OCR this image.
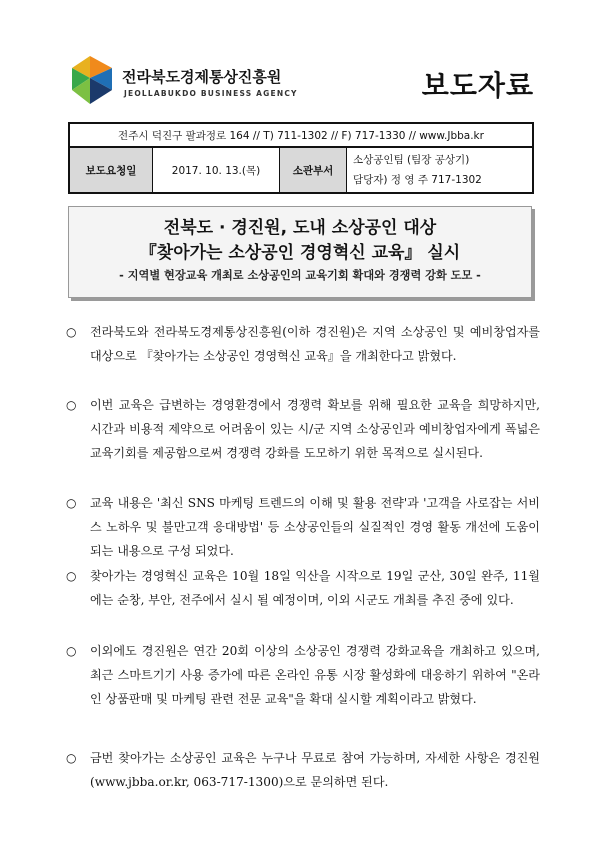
전라북도경제통상진흥원
JEOLLABUKDO BUSINESS AGENCY	보도자료
전주시 덕진구 팔과정로 164 // T) 711-1302 // F) 717-1330 // www.Jbba.kr
보도요청일	2017. 10. 13.(목)	소관부서	
소상공인팀 (팀장 공상기)
담당자) 정 영 주 717-1302
전북도 · 경진원, 도내 소상공인 대상
『찾아가는 소상공인 경영혁신 교육』 실시
- 지역별 현장교육 개최로 소상공인의 교육기회 확대와 경쟁력 강화 도모 -
○ 전라북도와 전라북도경제통상진흥원(이하 경진원)은 지역 소상공인 및 예비창업자를 대상으로 『찾아가는 소상공인 경영혁신 교육』을 개최한다고 밝혔다.
○ 이번 교육은 급변하는 경영환경에서 경쟁력 확보를 위해 필요한 교육을 희망하지만, 시간과 비용적 제약으로 어려움이 있는 시/군 지역 소상공인과 예비창업자에게 폭넓은 교육기회를 제공함으로써 경쟁력 강화를 도모하기 위한 목적으로 실시된다.
○ 교육 내용은 '최신 SNS 마케팅 트렌드의 이해 및 활용 전략'과 '고객을 사로잡는 서비스 노하우 및 불만고객 응대방법' 등 소상공인들의 실질적인 경영 활동 개선에 도움이 되는 내용으로 구성 되었다.
○ 찾아가는 경영혁신 교육은 10월 18일 익산을 시작으로 19일 군산, 30일 완주, 11월에는 순창, 부안, 전주에서 실시 될 예정이며, 이외 시군도 개최를 추진 중에 있다.
○ 이외에도 경진원은 연간 20회 이상의 소상공인 경쟁력 강화교육을 개최하고 있으며, 최근 스마트기기 사용 증가에 따른 온라인 유통 시장 활성화에 대응하기 위하여 "온라인 상품판매 및 마케팅 관련 전문 교육"을 확대 실시할 계획이라고 밝혔다.
○ 금번 찾아가는 소상공인 교육은 누구나 무료로 참여 가능하며, 자세한 사항은 경진원(www.jbba.or.kr, 063-717-1300)으로 문의하면 된다.
